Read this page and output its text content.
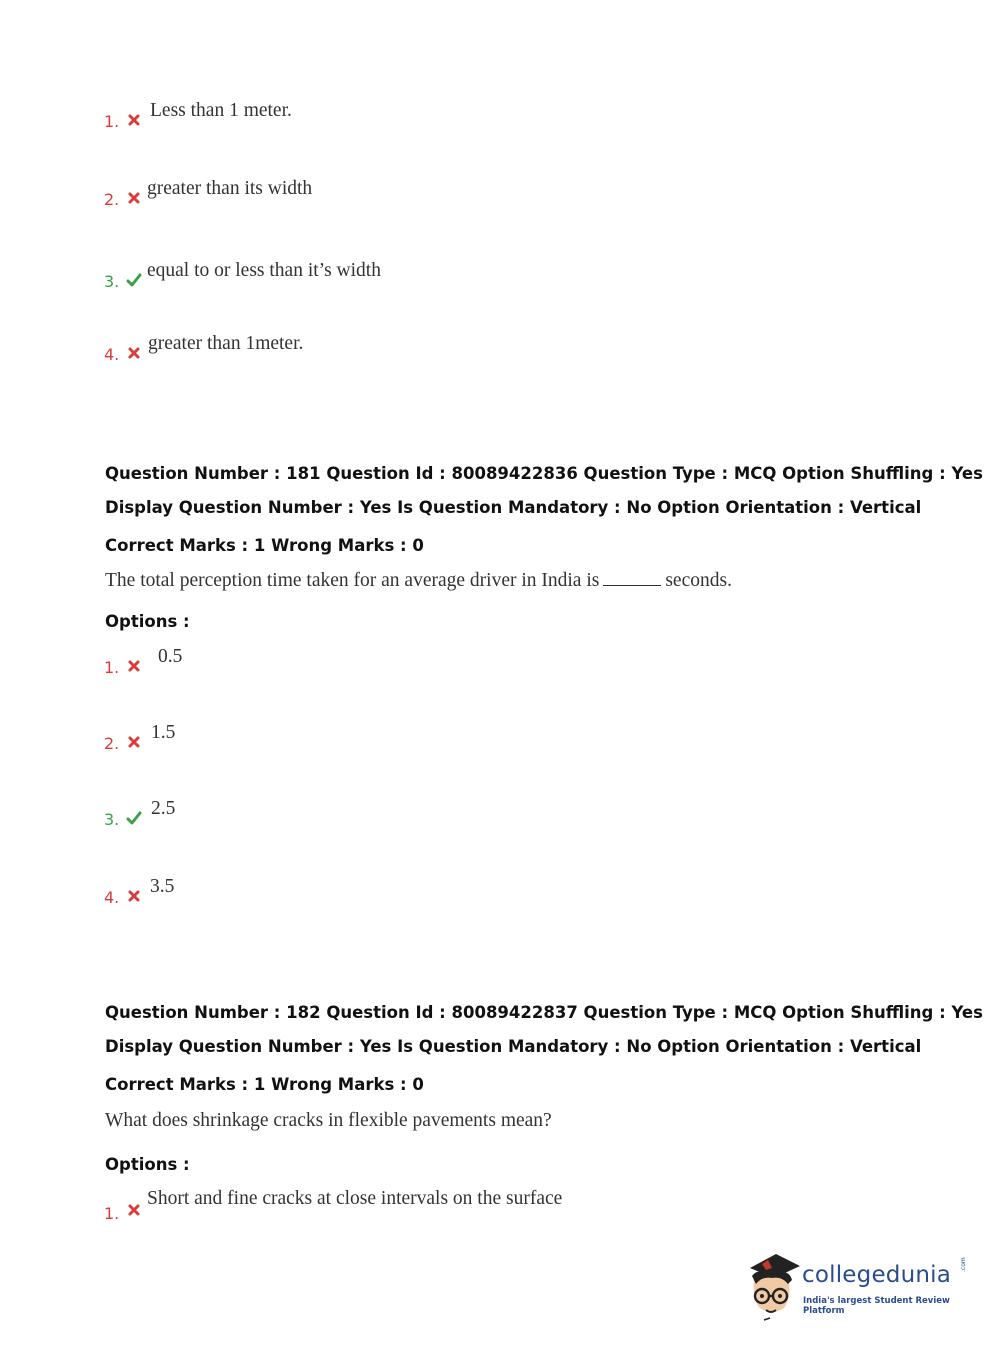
1.
Less than 1 meter.
2.
greater than its width
3.
equal to or less than it’s width
4.
greater than 1meter.
Question Number : 181 Question Id : 80089422836 Question Type : MCQ Option Shuffling : Yes
Display Question Number : Yes Is Question Mandatory : No Option Orientation : Vertical
Correct Marks : 1 Wrong Marks : 0
The total perception time taken for an average driver in India is	seconds.
Options :
1.
0.5
2.
1.5
3.
2.5
4.
3.5
Question Number : 182 Question Id : 80089422837 Question Type : MCQ Option Shuffling : Yes
Display Question Number : Yes Is Question Mandatory : No Option Orientation : Vertical
Correct Marks : 1 Wrong Marks : 0
What does shrinkage cracks in flexible pavements mean?
Options :
1.
Short and fine cracks at close intervals on the surface
collegedunia .com
India's largest Student Review Platform
